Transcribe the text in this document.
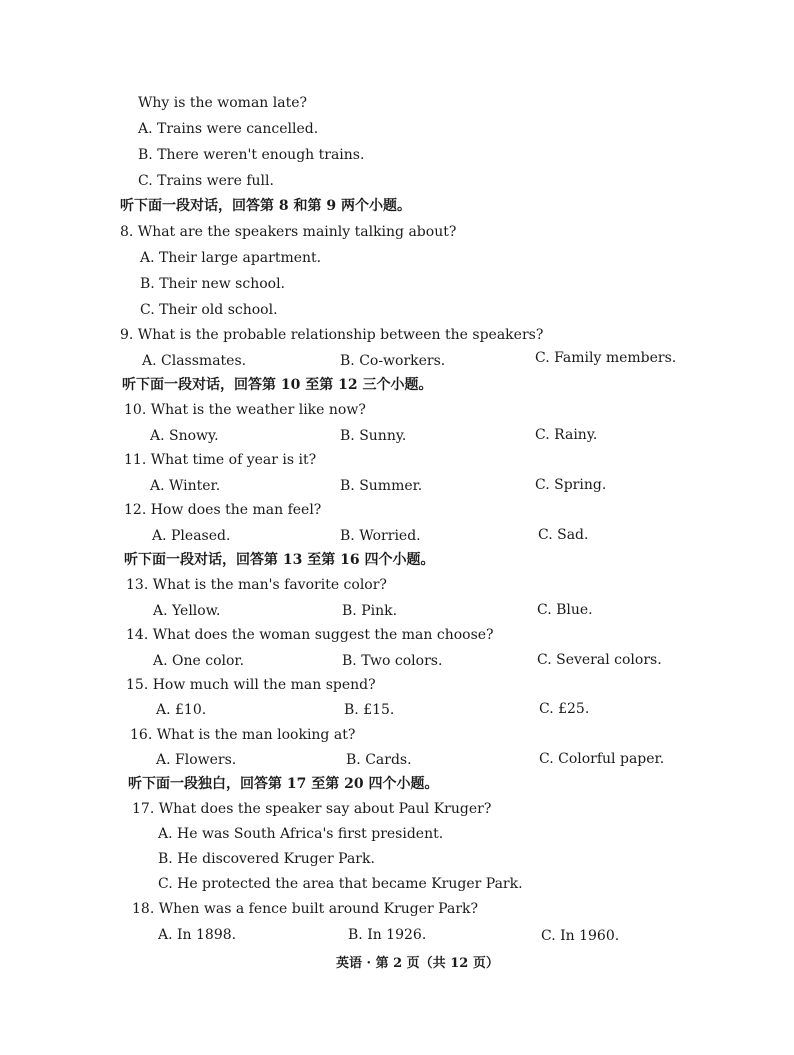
Why is the woman late?
A. Trains were cancelled.
B. There weren't enough trains.
C. Trains were full.
听下面一段对话，回答第 8 和第 9 两个小题。
8. What are the speakers mainly talking about?
A. Their large apartment.
B. Their new school.
C. Their old school.
9. What is the probable relationship between the speakers?
A. Classmates.	B. Co-workers.	C. Family members.
听下面一段对话，回答第 10 至第 12 三个小题。
10. What is the weather like now?
A. Snowy.	B. Sunny.	C. Rainy.
11. What time of year is it?
A. Winter.	B. Summer.	C. Spring.
12. How does the man feel?
A. Pleased.	B. Worried.	C. Sad.
听下面一段对话，回答第 13 至第 16 四个小题。
13. What is the man's favorite color?
A. Yellow.	B. Pink.	C. Blue.
14. What does the woman suggest the man choose?
A. One color.	B. Two colors.	C. Several colors.
15. How much will the man spend?
A. £10.	B. £15.	C. £25.
16. What is the man looking at?
A. Flowers.	B. Cards.	C. Colorful paper.
听下面一段独白，回答第 17 至第 20 四个小题。
17. What does the speaker say about Paul Kruger?
A. He was South Africa's first president.
B. He discovered Kruger Park.
C. He protected the area that became Kruger Park.
18. When was a fence built around Kruger Park?
A. In 1898.	B. In 1926.	C. In 1960.
英语 · 第 2 页（共 12 页）
